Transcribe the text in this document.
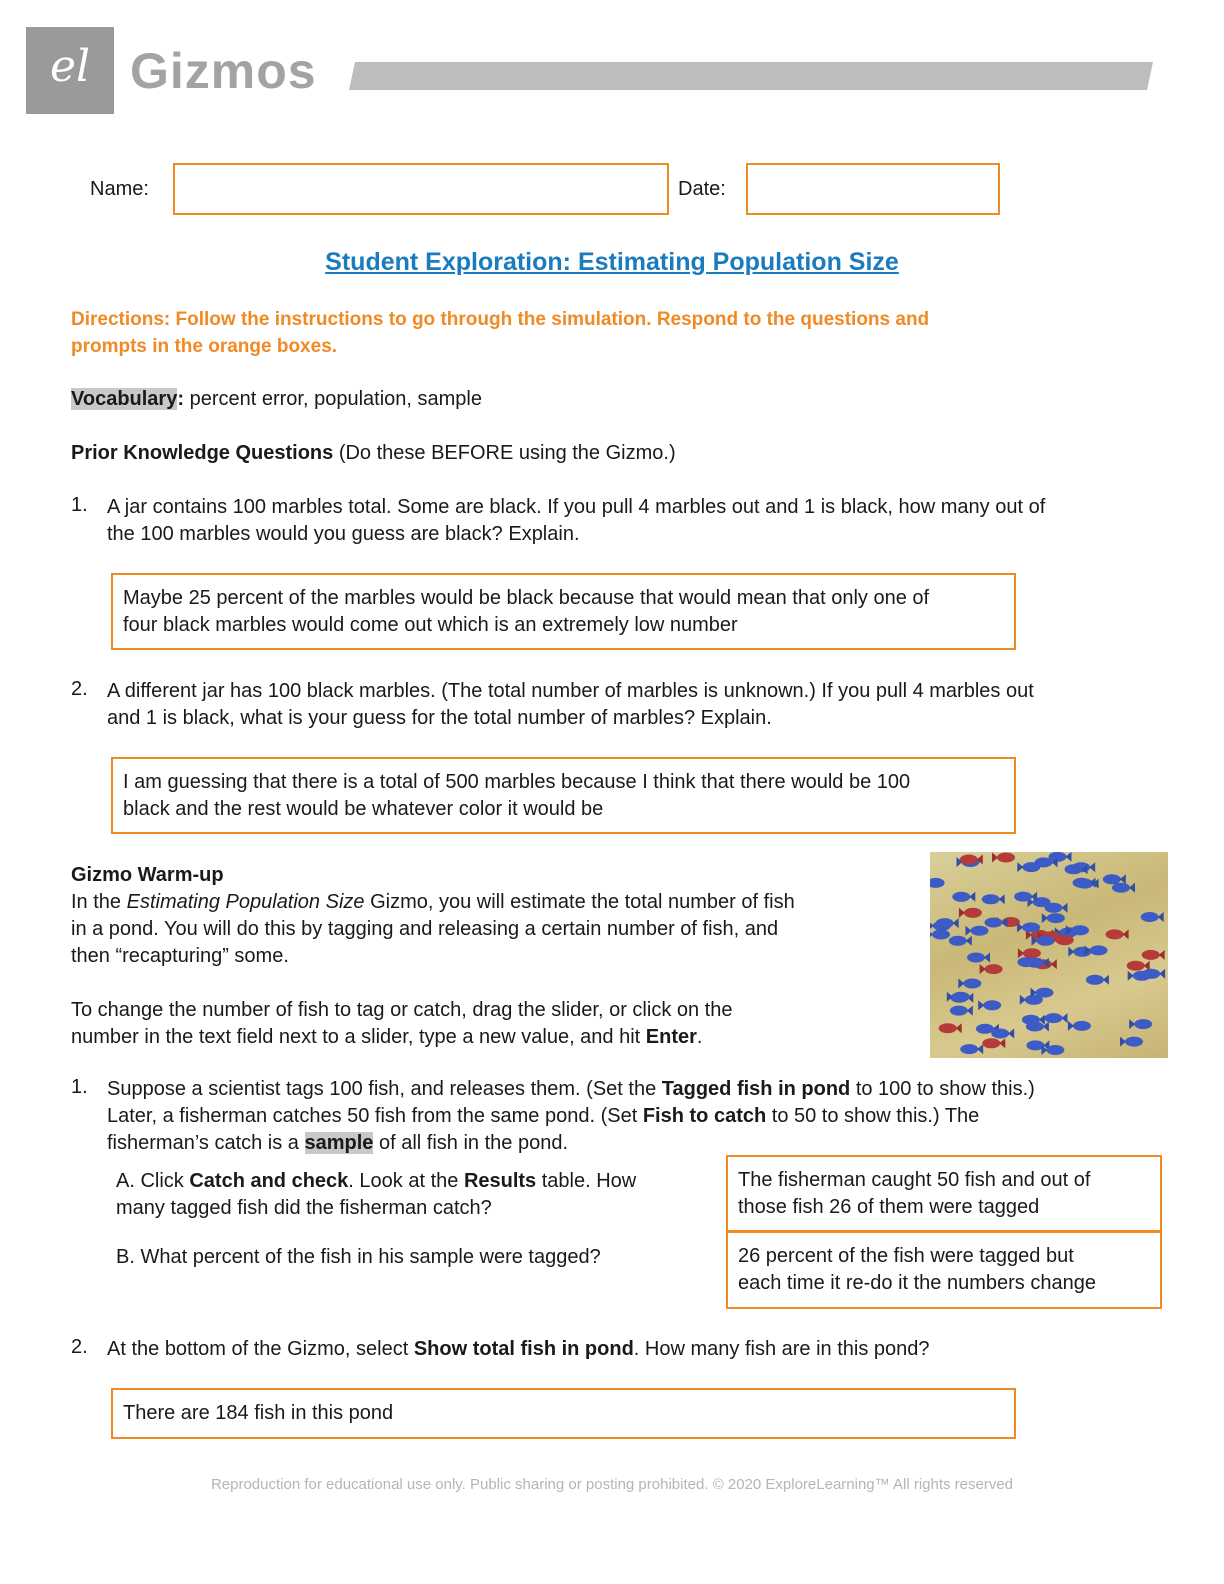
el Gizmos
Name:	Date:
Student Exploration: Estimating Population Size
Directions: Follow the instructions to go through the simulation. Respond to the questions and
prompts in the orange boxes.
Vocabulary: percent error, population, sample
Prior Knowledge Questions (Do these BEFORE using the Gizmo.)
1. A jar contains 100 marbles total. Some are black. If you pull 4 marbles out and 1 is black, how many out of
the 100 marbles would you guess are black? Explain.
Maybe 25 percent of the marbles would be black because that would mean that only one of
four black marbles would come out which is an extremely low number
2. A different jar has 100 black marbles. (The total number of marbles is unknown.) If you pull 4 marbles out
and 1 is black, what is your guess for the total number of marbles? Explain.
I am guessing that there is a total of 500 marbles because I think that there would be 100
black and the rest would be whatever color it would be
Gizmo Warm-up
In the Estimating Population Size Gizmo, you will estimate the total number of fish
in a pond. You will do this by tagging and releasing a certain number of fish, and
then “recapturing” some.
To change the number of fish to tag or catch, drag the slider, or click on the
number in the text field next to a slider, type a new value, and hit Enter.
1. Suppose a scientist tags 100 fish, and releases them. (Set the Tagged fish in pond to 100 to show this.)
Later, a fisherman catches 50 fish from the same pond. (Set Fish to catch to 50 to show this.) The
fisherman’s catch is a sample of all fish in the pond.
A. Click Catch and check. Look at the Results table. How
many tagged fish did the fisherman catch?
The fisherman caught 50 fish and out of
those fish 26 of them were tagged
B. What percent of the fish in his sample were tagged?	26 percent of the fish were tagged but
each time it re-do it the numbers change
2. At the bottom of the Gizmo, select Show total fish in pond. How many fish are in this pond?
There are 184 fish in this pond
Reproduction for educational use only. Public sharing or posting prohibited. © 2020 ExploreLearning™ All rights reserved
